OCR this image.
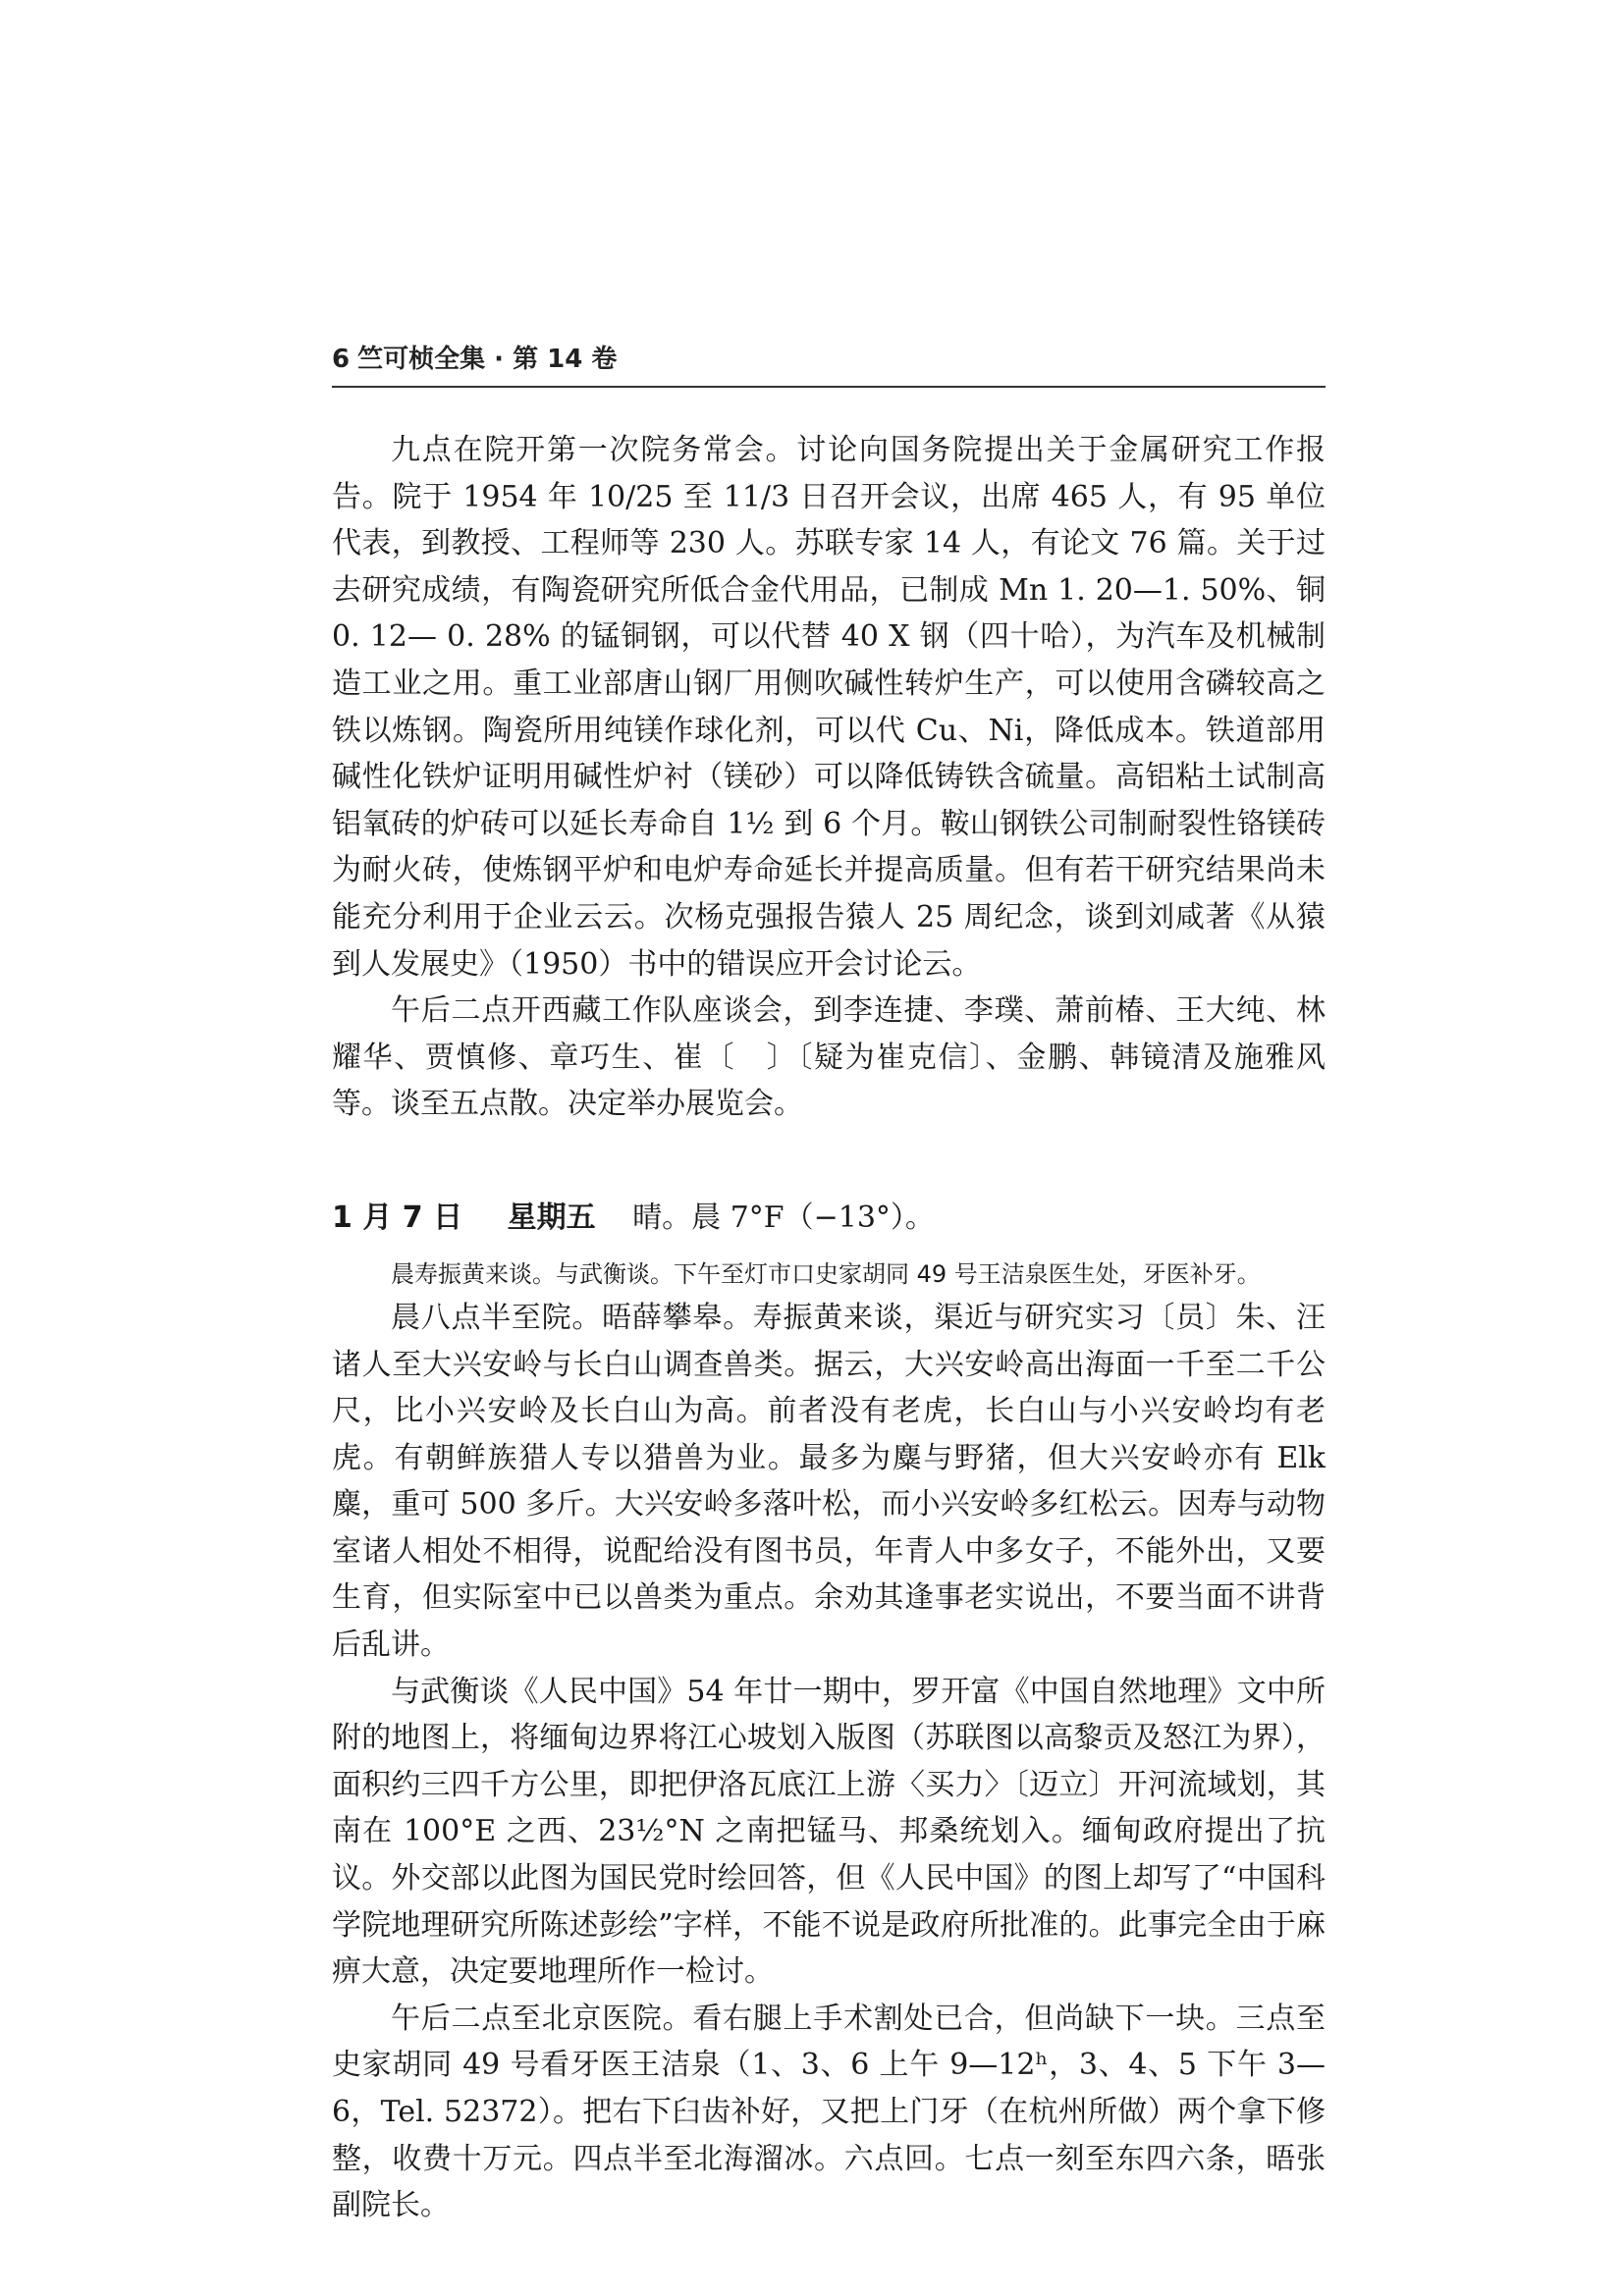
6 竺可桢全集 · 第 14 卷

九点在院开第一次院务常会。讨论向国务院提出关于金属研究工作报告。院于 1954 年 10/25 至 11/3 日召开会议，出席 465 人，有 95 单位代表，到教授、工程师等 230 人。苏联专家 14 人，有论文 76 篇。关于过去研究成绩，有陶瓷研究所低合金代用品，已制成 Mn 1. 20—1. 50%、铜 0. 12— 0. 28% 的锰铜钢，可以代替 40 X 钢（四十哈），为汽车及机械制造工业之用。重工业部唐山钢厂用侧吹碱性转炉生产，可以使用含磷较高之铁以炼钢。陶瓷所用纯镁作球化剂，可以代 Cu、Ni，降低成本。铁道部用碱性化铁炉证明用碱性炉衬（镁砂）可以降低铸铁含硫量。高铝粘土试制高铝氧砖的炉砖可以延长寿命自 1½ 到 6 个月。鞍山钢铁公司制耐裂性铬镁砖为耐火砖，使炼钢平炉和电炉寿命延长并提高质量。但有若干研究结果尚未能充分利用于企业云云。次杨克强报告猿人 25 周纪念，谈到刘咸著《从猿到人发展史》（1950）书中的错误应开会讨论云。

午后二点开西藏工作队座谈会，到李连捷、李璞、萧前椿、王大纯、林耀华、贾慎修、章巧生、崔〔　〕〔疑为崔克信〕、金鹏、韩镜清及施雅风等。谈至五点散。决定举办展览会。

1 月 7 日 星期五 晴。晨 7°F（−13°）。
晨寿振黄来谈。与武衡谈。下午至灯市口史家胡同 49 号王洁泉医生处，牙医补牙。

晨八点半至院。晤薛攀皋。寿振黄来谈，渠近与研究实习〔员〕朱、汪诸人至大兴安岭与长白山调查兽类。据云，大兴安岭高出海面一千至二千公尺，比小兴安岭及长白山为高。前者没有老虎，长白山与小兴安岭均有老虎。有朝鲜族猎人专以猎兽为业。最多为麋与野猪，但大兴安岭亦有 Elk 麋，重可 500 多斤。大兴安岭多落叶松，而小兴安岭多红松云。因寿与动物室诸人相处不相得，说配给没有图书员，年青人中多女子，不能外出，又要生育，但实际室中已以兽类为重点。余劝其逢事老实说出，不要当面不讲背后乱讲。

与武衡谈《人民中国》54 年廿一期中，罗开富《中国自然地理》文中所附的地图上，将缅甸边界将江心坡划入版图（苏联图以高黎贡及怒江为界），面积约三四千方公里，即把伊洛瓦底江上游〈买力〉〔迈立〕开河流域划，其南在 100°E 之西、23½°N 之南把锰马、邦桑统划入。缅甸政府提出了抗议。外交部以此图为国民党时绘回答，但《人民中国》的图上却写了“中国科学院地理研究所陈述彭绘”字样，不能不说是政府所批准的。此事完全由于麻痹大意，决定要地理所作一检讨。

午后二点至北京医院。看右腿上手术割处已合，但尚缺下一块。三点至史家胡同 49 号看牙医王洁泉（1、3、6 上午 9—12ʰ，3、4、5 下午 3— 6，Tel. 52372）。把右下臼齿补好，又把上门牙（在杭州所做）两个拿下修整，收费十万元。四点半至北海溜冰。六点回。七点一刻至东四六条，晤张副院长。
